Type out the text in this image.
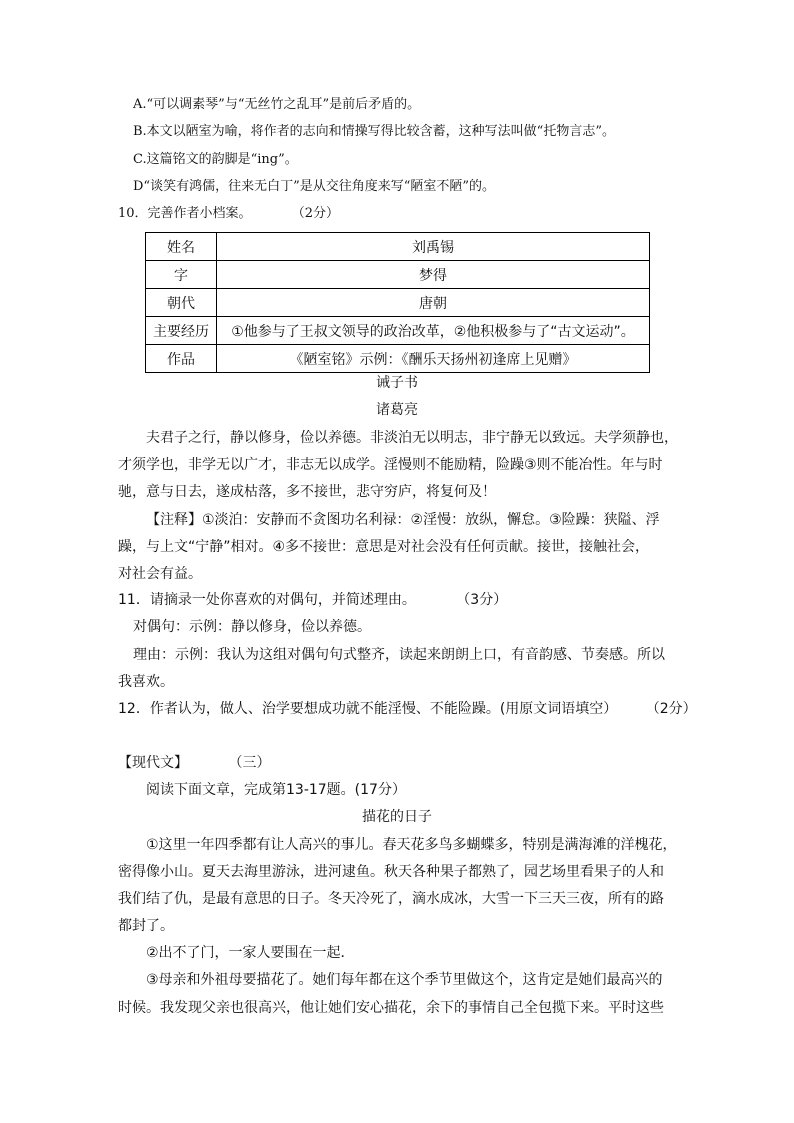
A.“可以调素琴”与“无丝竹之乱耳”是前后矛盾的。
B.本文以陋室为喻，将作者的志向和情操写得比较含蓄，这种写法叫做“托物言志”。
C.这篇铭文的韵脚是“ing”。
D“谈笑有鸿儒，往来无白丁”是从交往角度来写“陋室不陋”的。
10．完善作者小档案。	（2分）
姓名	刘禹锡
字	梦得
朝代	唐朝
主要经历	①他参与了王叔文领导的政治改革，②他积极参与了“古文运动”。
作品	《陋室铭》示例：《酬乐天扬州初逢席上见赠》
诫子书
诸葛亮
夫君子之行，静以修身，俭以养德。非淡泊无以明志，非宁静无以致远。夫学须静也，
才须学也，非学无以广才，非志无以成学。淫慢则不能励精，险躁③则不能冶性。年与时
驰，意与日去，遂成枯落，多不接世，悲守穷庐，将复何及！
【注释】①淡泊：安静而不贪图功名利禄：②淫慢：放纵，懈怠。③险躁：狭隘、浮
躁，与上文“宁静”相对。④多不接世：意思是对社会没有任何贡献。接世，接触社会，
对社会有益。
11．请摘录一处你喜欢的对偶句，并简述理由。	（3分）
对偶句：示例：静以修身，俭以养德。
理由：示例：我认为这组对偶句句式整齐，读起来朗朗上口，有音韵感、节奏感。所以
我喜欢。
12．作者认为，做人、治学要想成功就不能淫慢、不能险躁。(用原文词语填空） （2分）
【现代文】	（三）
阅读下面文章，完成第13-17题。(17分）
描花的日子
①这里一年四季都有让人高兴的事儿。春天花多鸟多蝴蝶多，特别是满海滩的洋槐花，
密得像小山。夏天去海里游泳，进河逮鱼。秋天各种果子都熟了，园艺场里看果子的人和
我们结了仇，是最有意思的日子。冬天冷死了，滴水成冰，大雪一下三天三夜，所有的路
都封了。
②出不了门，一家人要围在一起．
③母亲和外祖母要描花了。她们每年都在这个季节里做这个，这肯定是她们最高兴的
时候。我发现父亲也很高兴，他让她们安心描花，余下的事情自己全包揽下来。平时这些
